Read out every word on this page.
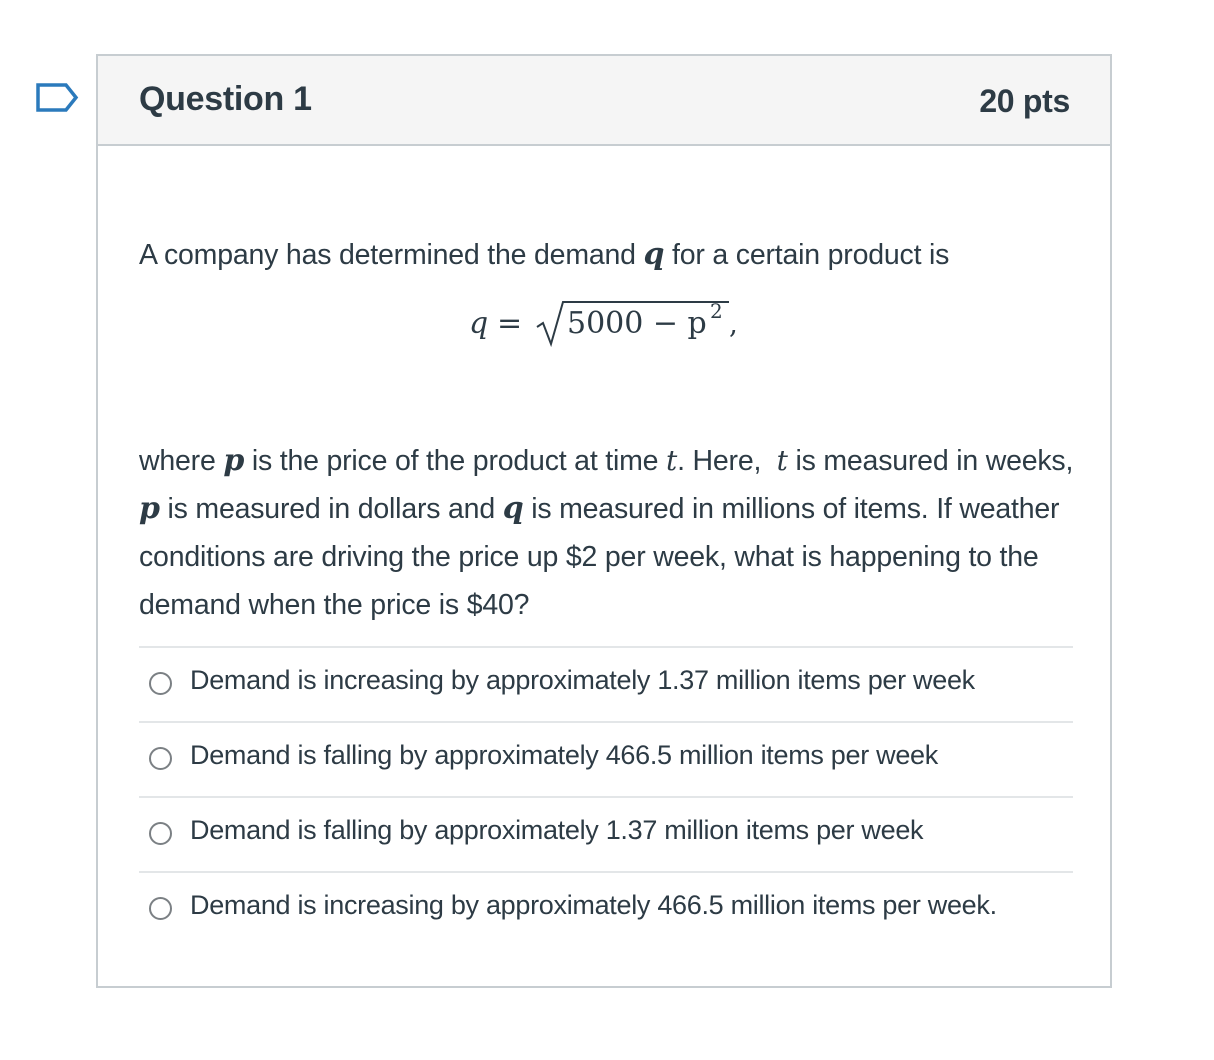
Question 1	20 pts
A company has determined the demand q for a certain product is
q = 5000 − p 2 ,
where p is the price of the product at time t. Here, t is measured in weeks, p is measured in dollars and q is measured in millions of items. If weather conditions are driving the price up $2 per week, what is happening to the demand when the price is $40?
Demand is increasing by approximately 1.37 million items per week
Demand is falling by approximately 466.5 million items per week
Demand is falling by approximately 1.37 million items per week
Demand is increasing by approximately 466.5 million items per week.
